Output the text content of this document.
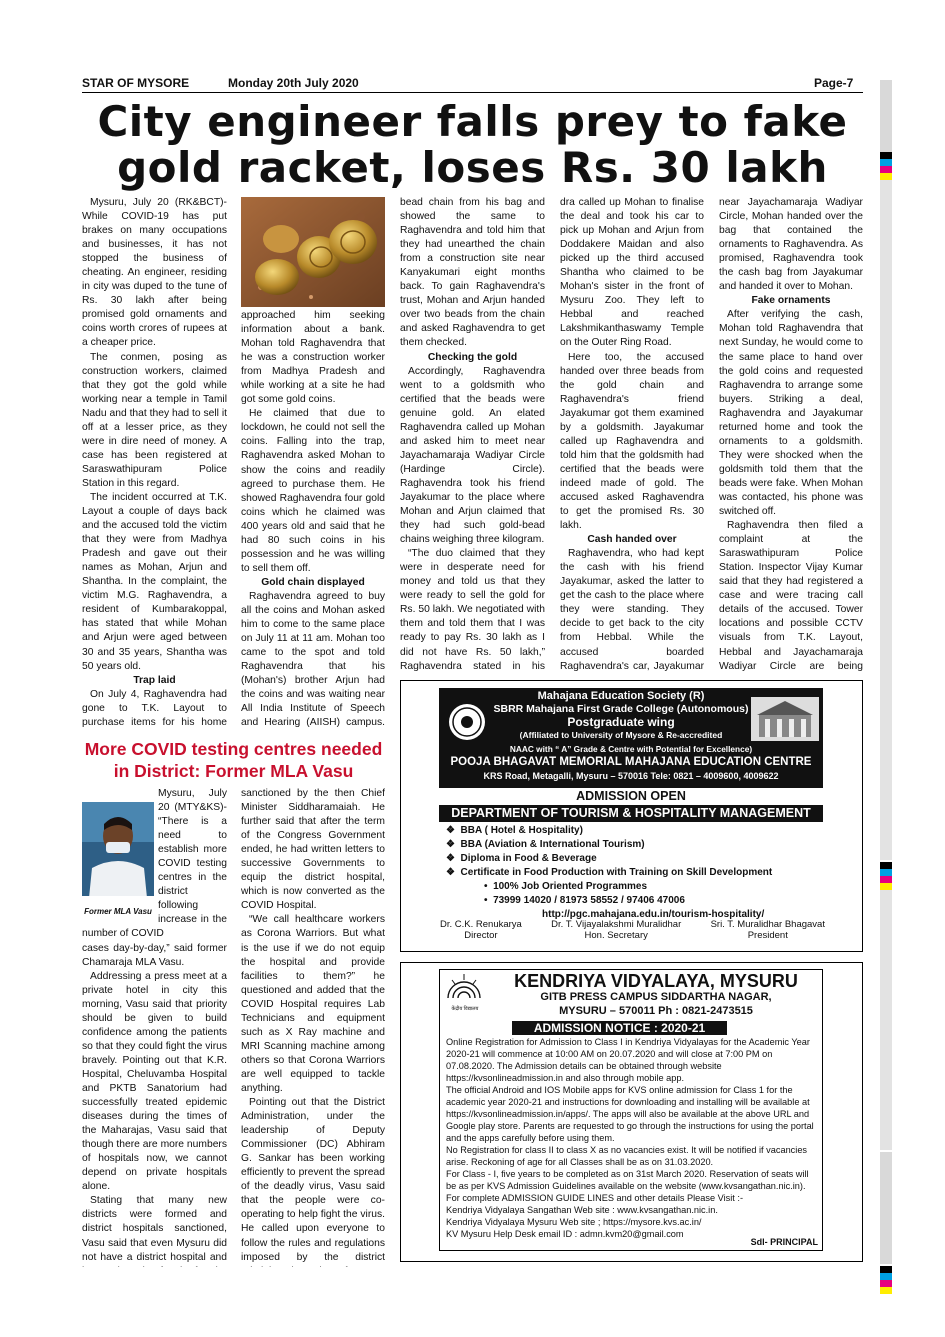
STAR OF MYSORE	Monday 20th July 2020	Page-7
City engineer falls prey to fake
gold racket, loses Rs. 30 lakh

Mysuru, July 20 (RK&BCT)- While COVID-19 has put brakes on many occupations and businesses, it has not stopped the business of cheating. An engineer, residing in city was duped to the tune of Rs. 30 lakh after being promised gold ornaments and coins worth crores of rupees at a cheaper price.

The conmen, posing as construction workers, claimed that they got the gold while working near a temple in Tamil Nadu and that they had to sell it off at a lesser price, as they were in dire need of money. A case has been registered at Saraswathipuram Police Station in this regard.

The incident occurred at T.K. Layout a couple of days back and the accused told the victim that they were from Madhya Pradesh and gave out their names as Mohan, Arjun and Shantha. In the complaint, the victim M.G. Raghavendra, a resident of Kumbarakoppal, has stated that while Mohan and Arjun were aged between 30 and 35 years, Shantha was 50 years old.

Trap laid

On July 4, Raghavendra had gone to T.K. Layout to purchase items for his home

approached him seeking information about a bank. Mohan told Raghavendra that he was a construction worker from Madhya Pradesh and while working at a site he had got some gold coins.

He claimed that due to lockdown, he could not sell the coins. Falling into the trap, Raghavendra asked Mohan to show the coins and readily agreed to purchase them. He showed Raghavendra four gold coins which he claimed was 400 years old and said that he had 80 such coins in his possession and he was willing to sell them off.

Gold chain displayed

Raghavendra agreed to buy all the coins and Mohan asked him to come to the same place on July 11 at 11 am. Mohan too came to the spot and told Raghavendra that his (Mohan's) brother Arjun had the coins and was waiting near All India Institute of Speech and Hearing (AIISH) campus.

bead chain from his bag and showed the same to Raghavendra and told him that they had unearthed the chain from a construction site near Kanyakumari eight months back. To gain Raghavendra's trust, Mohan and Arjun handed over two beads from the chain and asked Raghavendra to get them checked.

Checking the gold

Accordingly, Raghavendra went to a goldsmith who certified that the beads were genuine gold. An elated Raghavendra called up Mohan and asked him to meet near Jayachamaraja Wadiyar Circle (Hardinge Circle). Raghavendra took his friend Jayakumar to the place where Mohan and Arjun claimed that they had such gold-bead chains weighing three kilogram.

“The duo claimed that they were in desperate need for money and told us that they were ready to sell the gold for Rs. 50 lakh. We negotiated with them and told them that I was ready to pay Rs. 30 lakh as I did not have Rs. 50 lakh,” Raghavendra stated in his

dra called up Mohan to finalise the deal and took his car to pick up Mohan and Arjun from Doddakere Maidan and also picked up the third accused Shantha who claimed to be Mohan's sister in the front of Mysuru Zoo. They left to Hebbal and reached Lakshmikanthaswamy Temple on the Outer Ring Road.

Here too, the accused handed over three beads from the gold chain and Raghavendra's friend Jayakumar got them examined by a goldsmith. Jayakumar called up Raghavendra and told him that the goldsmith had certified that the beads were indeed made of gold. The accused asked Raghavendra to get the promised Rs. 30 lakh.

Cash handed over

Raghavendra, who had kept the cash with his friend Jayakumar, asked the latter to get the cash to the place where they were standing. They decide to get back to the city from Hebbal. While the accused boarded Raghavendra's car, Jayakumar

near Jayachamaraja Wadiyar Circle, Mohan handed over the bag that contained the ornaments to Raghavendra. As promised, Raghavendra took the cash bag from Jayakumar and handed it over to Mohan.

Fake ornaments

After verifying the cash, Mohan told Raghavendra that next Sunday, he would come to the same place to hand over the gold coins and requested Raghavendra to arrange some buyers. Striking a deal, Raghavendra and Jayakumar returned home and took the ornaments to a goldsmith. They were shocked when the goldsmith told them that the beads were fake. When Mohan was contacted, his phone was switched off.

Raghavendra then filed a complaint at the Saraswathipuram Police Station. Inspector Vijay Kumar said that they had registered a case and were tracing call details of the accused. Tower locations and possible CCTV visuals from T.K. Layout, Hebbal and Jayachamaraja Wadiyar Circle are being

More COVID testing centres needed
in District: Former MLA Vasu
Former MLA Vasu

Mysuru, July 20 (MTY&KS)- “There is a need to establish more COVID testing centres in the district following increase in the number of COVID

cases day-by-day,” said former Chamaraja MLA Vasu.

Addressing a press meet at a private hotel in city this morning, Vasu said that priority should be given to build confidence among the patients so that they could fight the virus bravely. Pointing out that K.R. Hospital, Cheluvamba Hospital and PKTB Sanatorium had successfully treated epidemic diseases during the times of the Maharajas, Vasu said that though there are more numbers of hospitals now, we cannot depend on private hospitals alone.

Stating that many new districts were formed and district hospitals sanctioned, Vasu said that even Mysuru did not have a district hospital and

sanctioned by the then Chief Minister Siddharamaiah. He further said that after the term of the Congress Government ended, he had written letters to successive Governments to equip the district hospital, which is now converted as the COVID Hospital.

“We call healthcare workers as Corona Warriors. But what is the use if we do not equip the hospital and provide facilities to them?” he questioned and added that the COVID Hospital requires Lab Technicians and equipment such as X Ray machine and MRI Scanning machine among others so that Corona Warriors are well equipped to tackle anything.

Pointing out that the District Administration, under the leadership of Deputy Commissioner (DC) Abhiram G. Sankar has been working efficiently to prevent the spread of the deadly virus, Vasu said that the people were co-operating to help fight the virus. He called upon everyone to follow the rules and regulations imposed by the district

Mahajana Education Society (R)
SBRR Mahajana First Grade College (Autonomous)
Postgraduate wing
(Affiliated to University of Mysore & Re-accredited
NAAC with “ A” Grade & Centre with Potential for Excellence)
POOJA BHAGAVAT MEMORIAL MAHAJANA EDUCATION CENTRE
KRS Road, Metagalli, Mysuru – 570016 Tele: 0821 – 4009600, 4009622
ADMISSION OPEN
DEPARTMENT OF TOURISM & HOSPITALITY MANAGEMENT
❖  BBA ( Hotel & Hospitality)
❖  BBA (Aviation & International Tourism)
❖  Diploma in Food & Beverage
❖  Certificate in Food Production with Training on Skill Development
•  100% Job Oriented Programmes
•  73999 14020 / 81973 58552 / 97406 47006
http://pgc.mahajana.edu.in/tourism-hospitality/
Dr. C.K. Renukarya
Director
Dr. T. Vijayalakshmi Muralidhar
Hon. Secretary
Sri. T. Muralidhar Bhagavat
President
केंद्रीय विद्यालय
KENDRIYA VIDYALAYA, MYSURU
GITB PRESS CAMPUS SIDDARTHA NAGAR,
MYSURU – 570011 Ph : 0821-2473515
ADMISSION NOTICE : 2020-21
Online Registration for Admission to Class I in Kendriya Vidyalayas for the Academic Year 2020-21 will commence at 10:00 AM on 20.07.2020 and will close at 7:00 PM on 07.08.2020. The Admission details can be obtained through website https://kvsonlineadmission.in and also through mobile app.
The official Android and IOS Mobile apps for KVS online admission for Class 1 for the academic year 2020-21 and instructions for downloading and installing will be available at https://kvsonlineadmission.in/apps/. The apps will also be available at the above URL and Google play store. Parents are requested to go through the instructions for using the portal and the apps carefully before using them.
No Registration for class II to class X as no vacancies exist. It will be notified if vacancies arise. Reckoning of age for all Classes shall be as on 31.03.2020.
For Class - I, five years to be completed as on 31st March 2020. Reservation of seats will be as per KVS Admission Guidelines available on the website (www.kvsangathan.nic.in).
For complete ADMISSION GUIDE LINES and other details Please Visit :-
Kendriya Vidyalaya Sangathan Web site : www.kvsangathan.nic.in.
Kendriya Vidyalaya Mysuru Web site ; https://mysore.kvs.ac.in/
KV Mysuru Help Desk email ID : admn.kvm20@gmail.com
Sdl- PRINCIPAL
